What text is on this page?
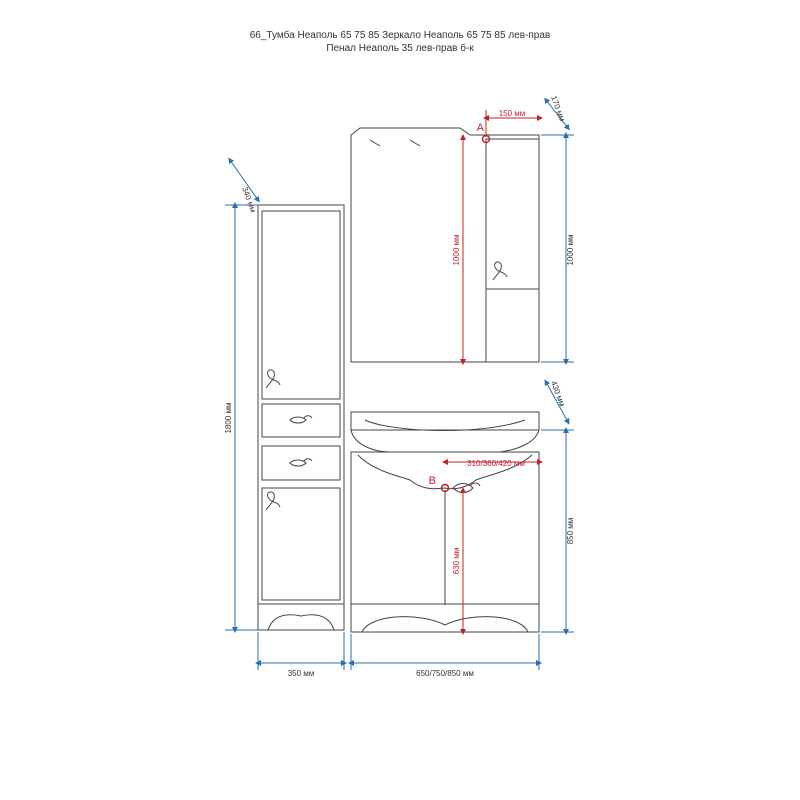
66_Тумба Неаполь 65 75 85 Зеркало Неаполь 65 75 85 лев-прав
Пенал Неаполь 35 лев-прав б-к
340 мм
1800 мм
350 мм
150 мм	170 мм
1000 мм	1000 мм
A
430 мм
850 мм
650/750/850 мм
310/360/420 мм
630 мм
B
